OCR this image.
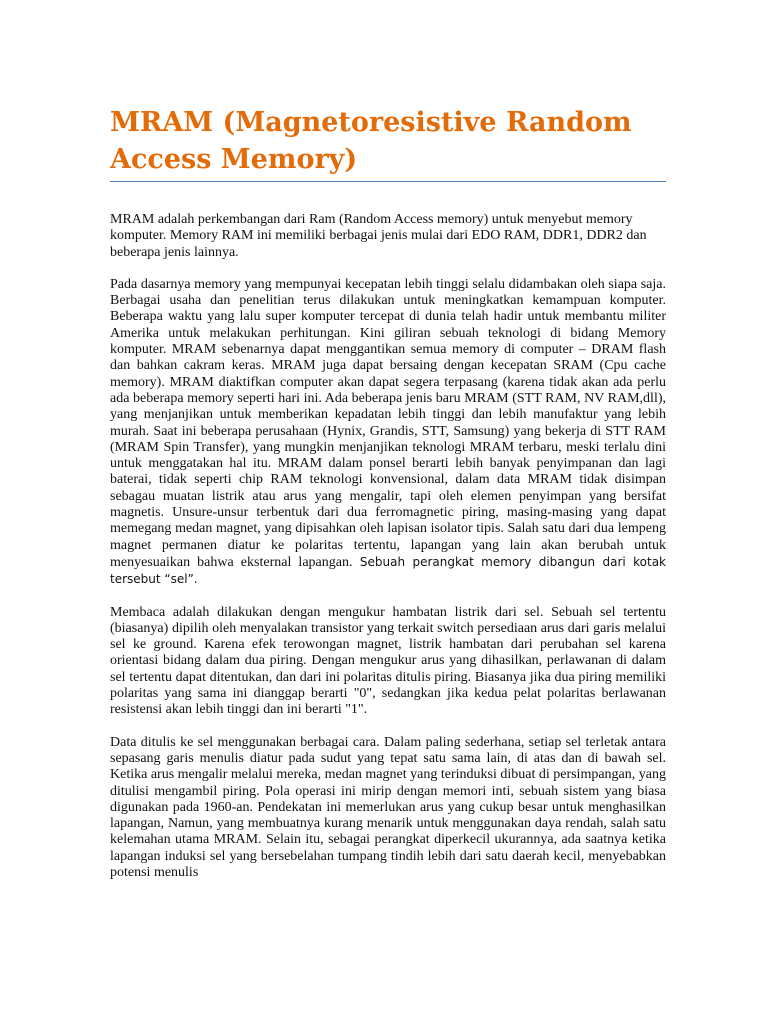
MRAM (Magnetoresistive Random Access Memory)

MRAM adalah perkembangan dari Ram (Random Access memory) untuk menyebut memory komputer. Memory RAM ini memiliki berbagai jenis mulai dari EDO RAM, DDR1, DDR2 dan beberapa jenis lainnya.

Pada dasarnya memory yang mempunyai kecepatan lebih tinggi selalu didambakan oleh siapa saja. Berbagai usaha dan penelitian terus dilakukan untuk meningkatkan kemampuan komputer. Beberapa waktu yang lalu super komputer tercepat di dunia telah hadir untuk membantu militer Amerika untuk melakukan perhitungan. Kini giliran sebuah teknologi di bidang Memory komputer. MRAM sebenarnya dapat menggantikan semua memory di computer – DRAM flash dan bahkan cakram keras. MRAM juga dapat bersaing dengan kecepatan SRAM (Cpu cache memory). MRAM diaktifkan computer akan dapat segera terpasang (karena tidak akan ada perlu ada beberapa memory seperti hari ini. Ada beberapa jenis baru MRAM (STT RAM, NV RAM,dll), yang menjanjikan untuk memberikan kepadatan lebih tinggi dan lebih manufaktur yang lebih murah. Saat ini beberapa perusahaan (Hynix, Grandis, STT, Samsung) yang bekerja di STT RAM (MRAM Spin Transfer), yang mungkin menjanjikan teknologi MRAM terbaru, meski terlalu dini untuk menggatakan hal itu. MRAM dalam ponsel berarti lebih banyak penyimpanan dan lagi baterai, tidak seperti chip RAM teknologi konvensional, dalam data MRAM tidak disimpan sebagau muatan listrik atau arus yang mengalir, tapi oleh elemen penyimpan yang bersifat magnetis. Unsure-unsur terbentuk dari dua ferromagnetic piring, masing-masing yang dapat memegang medan magnet, yang dipisahkan oleh lapisan isolator tipis. Salah satu dari dua lempeng magnet permanen diatur ke polaritas tertentu, lapangan yang lain akan berubah untuk menyesuaikan bahwa eksternal lapangan. Sebuah perangkat memory dibangun dari kotak tersebut “sel”.

Membaca adalah dilakukan dengan mengukur hambatan listrik dari sel. Sebuah sel tertentu (biasanya) dipilih oleh menyalakan transistor yang terkait switch persediaan arus dari garis melalui sel ke ground. Karena efek terowongan magnet, listrik hambatan dari perubahan sel karena orientasi bidang dalam dua piring. Dengan mengukur arus yang dihasilkan, perlawanan di dalam sel tertentu dapat ditentukan, dan dari ini polaritas ditulis piring. Biasanya jika dua piring memiliki polaritas yang sama ini dianggap berarti "0", sedangkan jika kedua pelat polaritas berlawanan resistensi akan lebih tinggi dan ini berarti "1".

Data ditulis ke sel menggunakan berbagai cara. Dalam paling sederhana, setiap sel terletak antara sepasang garis menulis diatur pada sudut yang tepat satu sama lain, di atas dan di bawah sel. Ketika arus mengalir melalui mereka, medan magnet yang terinduksi dibuat di persimpangan, yang ditulisi mengambil piring. Pola operasi ini mirip dengan memori inti, sebuah sistem yang biasa digunakan pada 1960-an. Pendekatan ini memerlukan arus yang cukup besar untuk menghasilkan lapangan, Namun, yang membuatnya kurang menarik untuk menggunakan daya rendah, salah satu kelemahan utama MRAM. Selain itu, sebagai perangkat diperkecil ukurannya, ada saatnya ketika lapangan induksi sel yang bersebelahan tumpang tindih lebih dari satu daerah kecil, menyebabkan potensi menulis
